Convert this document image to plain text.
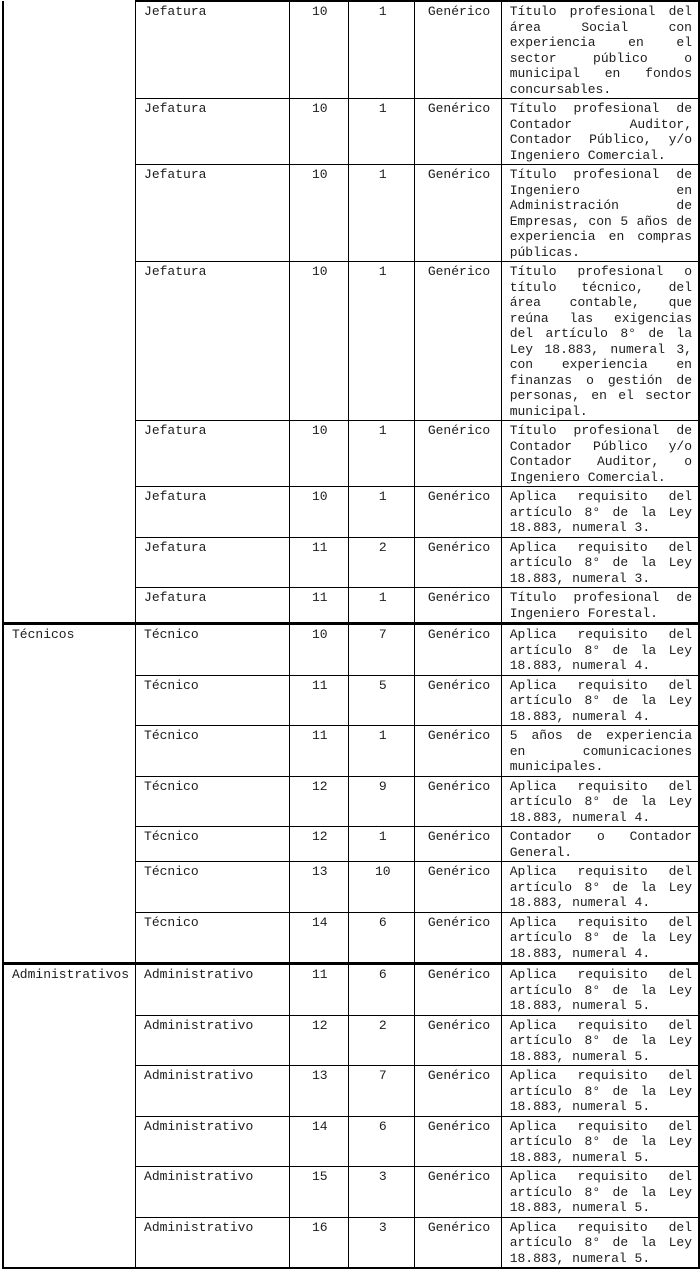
	Jefatura	10	1	Genérico	Título profesional del área Social con experiencia en el sector público o municipal en fondos concursables.
	Jefatura	10	1	Genérico	Título profesional de Contador Auditor, Contador Público, y/o Ingeniero Comercial.
	Jefatura	10	1	Genérico	Título profesional de Ingeniero en Administración de Empresas, con 5 años de experiencia en compras públicas.
	Jefatura	10	1	Genérico	Título profesional o título técnico, del área contable, que reúna las exigencias del artículo 8° de la Ley 18.883, numeral 3, con experiencia en finanzas o gestión de personas, en el sector municipal.
	Jefatura	10	1	Genérico	Título profesional de Contador Público y/o Contador Auditor, o Ingeniero Comercial.
	Jefatura	10	1	Genérico	Aplica requisito del artículo 8° de la Ley 18.883, numeral 3.
	Jefatura	11	2	Genérico	Aplica requisito del artículo 8° de la Ley 18.883, numeral 3.
	Jefatura	11	1	Genérico	Título profesional de Ingeniero Forestal.
Técnicos	Técnico	10	7	Genérico	Aplica requisito del artículo 8° de la Ley 18.883, numeral 4.
	Técnico	11	5	Genérico	Aplica requisito del artículo 8° de la Ley 18.883, numeral 4.
	Técnico	11	1	Genérico	5 años de experiencia en comunicaciones municipales.
	Técnico	12	9	Genérico	Aplica requisito del artículo 8° de la Ley 18.883, numeral 4.
	Técnico	12	1	Genérico	Contador o Contador General.
	Técnico	13	10	Genérico	Aplica requisito del artículo 8° de la Ley 18.883, numeral 4.
	Técnico	14	6	Genérico	Aplica requisito del artículo 8° de la Ley 18.883, numeral 4.
Administrativos	Administrativo	11	6	Genérico	Aplica requisito del artículo 8° de la Ley 18.883, numeral 5.
	Administrativo	12	2	Genérico	Aplica requisito del artículo 8° de la Ley 18.883, numeral 5.
	Administrativo	13	7	Genérico	Aplica requisito del artículo 8° de la Ley 18.883, numeral 5.
	Administrativo	14	6	Genérico	Aplica requisito del artículo 8° de la Ley 18.883, numeral 5.
	Administrativo	15	3	Genérico	Aplica requisito del artículo 8° de la Ley 18.883, numeral 5.
	Administrativo	16	3	Genérico	Aplica requisito del artículo 8° de la Ley 18.883, numeral 5.
